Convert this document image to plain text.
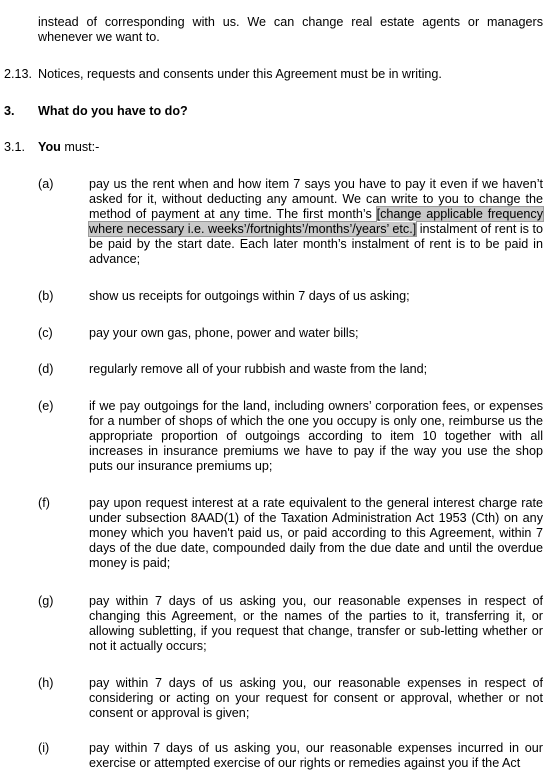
instead of corresponding with us. We can change real estate agents or managers whenever we want to.
2.13. Notices, requests and consents under this Agreement must be in writing.
3. What do you have to do?
3.1. You must:-
(a)	pay us the rent when and how item 7 says you have to pay it even if we haven’t asked for it, without deducting any amount. We can write to you to change the method of payment at any time. The first month’s [change applicable frequency where necessary i.e. weeks’/fortnights’/months’/years’ etc.] instalment of rent is to be paid by the start date. Each later month’s instalment of rent is to be paid in advance;
(b)	show us receipts for outgoings within 7 days of us asking;
(c)	pay your own gas, phone, power and water bills;
(d)	regularly remove all of your rubbish and waste from the land;
(e)	if we pay outgoings for the land, including owners’ corporation fees, or expenses for a number of shops of which the one you occupy is only one, reimburse us the appropriate proportion of outgoings according to item 10 together with all increases in insurance premiums we have to pay if the way you use the shop puts our insurance premiums up;
(f)	pay upon request interest at a rate equivalent to the general interest charge rate under subsection 8AAD(1) of the Taxation Administration Act 1953 (Cth) on any money which you haven't paid us, or paid according to this Agreement, within 7 days of the due date, compounded daily from the due date and until the overdue money is paid;
(g)	pay within 7 days of us asking you, our reasonable expenses in respect of changing this Agreement, or the names of the parties to it, transferring it, or allowing subletting, if you request that change, transfer or sub-letting whether or not it actually occurs;
(h)	pay within 7 days of us asking you, our reasonable expenses in respect of considering or acting on your request for consent or approval, whether or not consent or approval is given;
(i)	pay within 7 days of us asking you, our reasonable expenses incurred in our exercise or attempted exercise of our rights or remedies against you if the Act
